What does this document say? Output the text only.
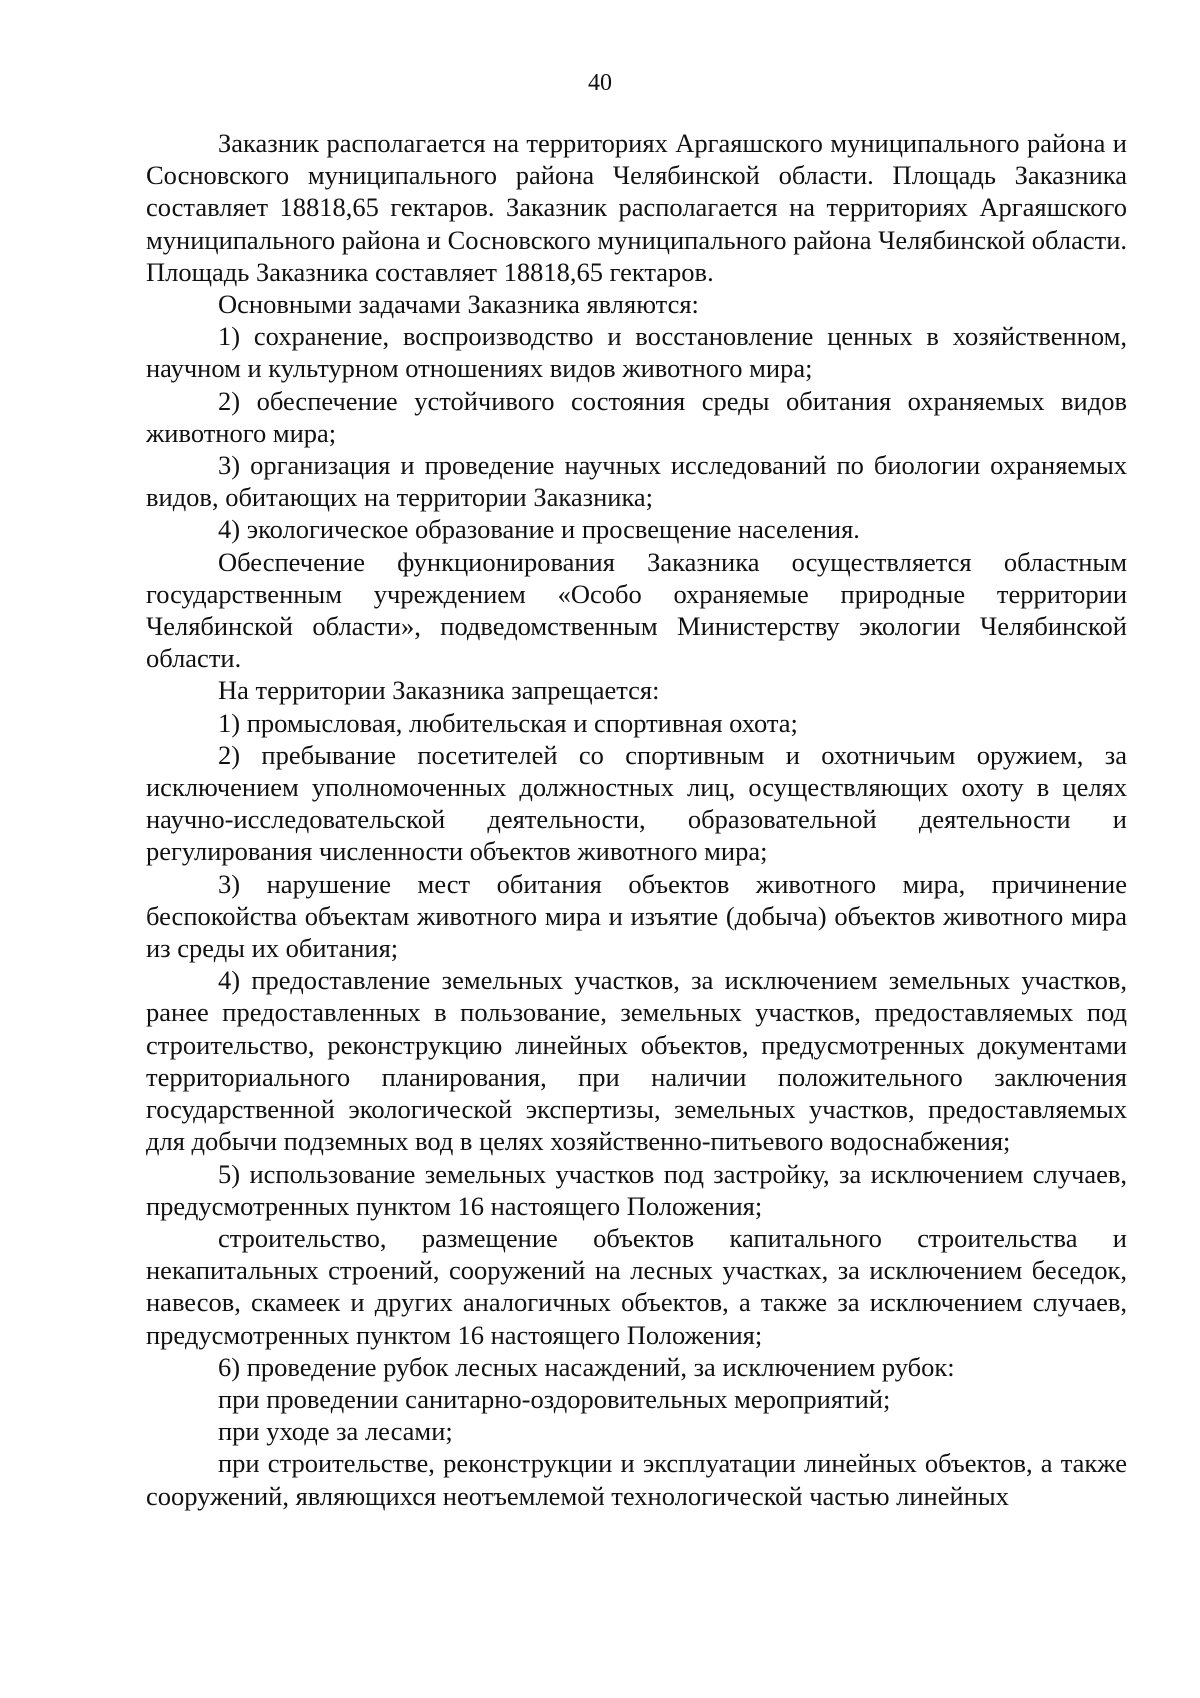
40

Заказник располагается на территориях Аргаяшского муниципального района и Сосновского муниципального района Челябинской области. Площадь Заказника составляет 18818,65 гектаров. Заказник располагается на территориях Аргаяшского муниципального района и Сосновского муниципального района Челябинской области. Площадь Заказника составляет 18818,65 гектаров.

Основными задачами Заказника являются:

1) сохранение, воспроизводство и восстановление ценных в хозяйственном, научном и культурном отношениях видов животного мира;

2) обеспечение устойчивого состояния среды обитания охраняемых видов животного мира;

3) организация и проведение научных исследований по биологии охраняемых видов, обитающих на территории Заказника;

4) экологическое образование и просвещение населения.

Обеспечение функционирования Заказника осуществляется областным государственным учреждением «Особо охраняемые природные территории Челябинской области», подведомственным Министерству экологии Челябинской области.

На территории Заказника запрещается:

1) промысловая, любительская и спортивная охота;

2) пребывание посетителей со спортивным и охотничьим оружием, за исключением уполномоченных должностных лиц, осуществляющих охоту в целях научно-исследовательской деятельности, образовательной деятельности и регулирования численности объектов животного мира;

3) нарушение мест обитания объектов животного мира, причинение беспокойства объектам животного мира и изъятие (добыча) объектов животного мира из среды их обитания;

4) предоставление земельных участков, за исключением земельных участков, ранее предоставленных в пользование, земельных участков, предоставляемых под строительство, реконструкцию линейных объектов, предусмотренных документами территориального планирования, при наличии положительного заключения государственной экологической экспертизы, земельных участков, предоставляемых для добычи подземных вод в целях хозяйственно-питьевого водоснабжения;

5) использование земельных участков под застройку, за исключением случаев, предусмотренных пунктом 16 настоящего Положения;

строительство, размещение объектов капитального строительства и некапитальных строений, сооружений на лесных участках, за исключением беседок, навесов, скамеек и других аналогичных объектов, а также за исключением случаев, предусмотренных пунктом 16 настоящего Положения;

6) проведение рубок лесных насаждений, за исключением рубок:

при проведении санитарно-оздоровительных мероприятий;

при уходе за лесами;

при строительстве, реконструкции и эксплуатации линейных объектов, а также сооружений, являющихся неотъемлемой технологической частью линейных
